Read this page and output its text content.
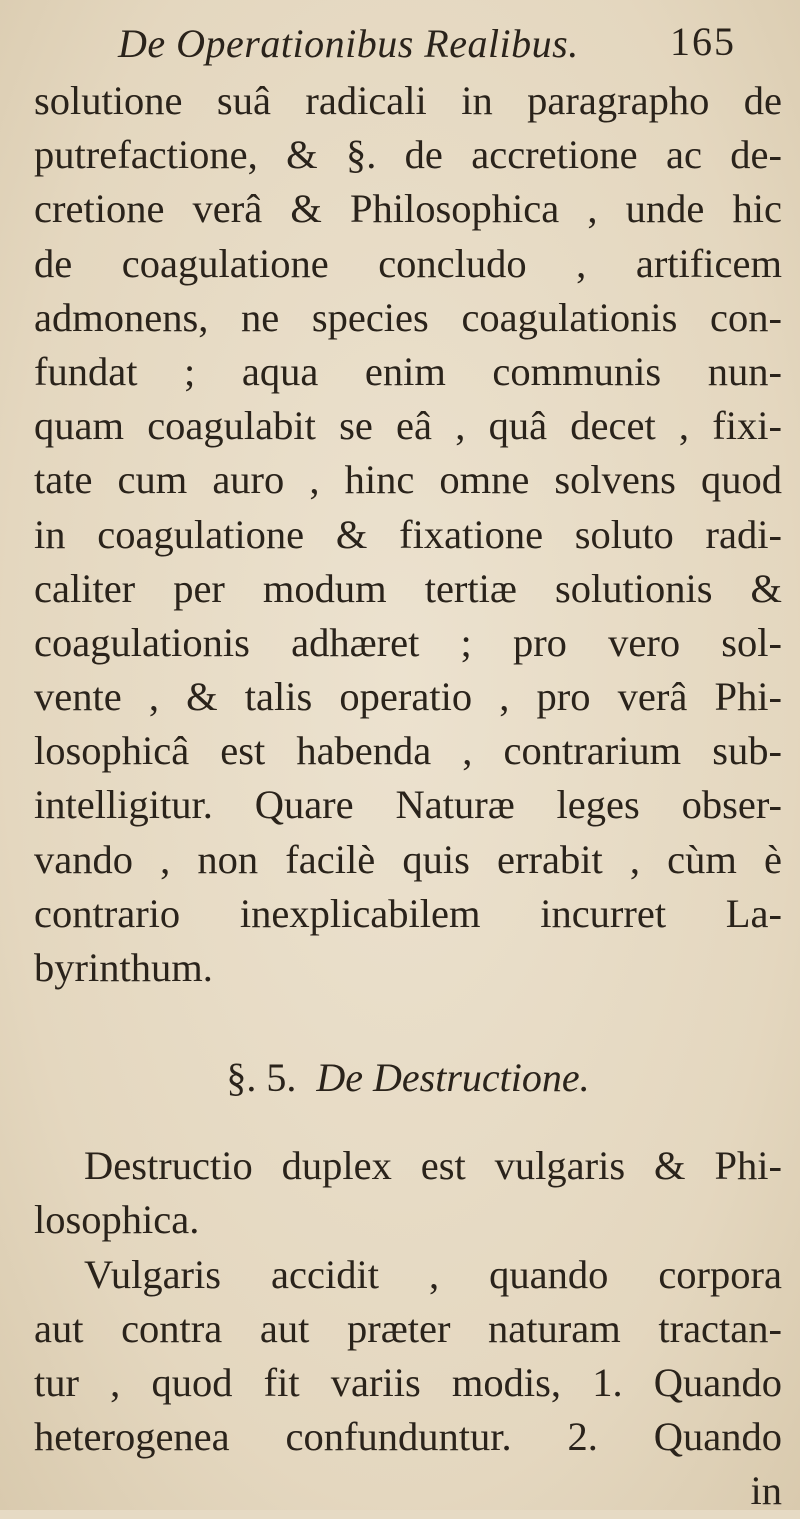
De Operationibus Realibus. 165
solutione suâ radicali in paragrapho de
putrefactione, & §. de accretione ac de-
cretione verâ & Philosophica , unde hic
de coagulatione concludo , artificem
admonens, ne species coagulationis con-
fundat ; aqua enim communis nun-
quam coagulabit se eâ , quâ decet , fixi-
tate cum auro , hinc omne solvens quod
in coagulatione & fixatione soluto radi-
caliter per modum tertiæ solutionis &
coagulationis adhæret ; pro vero sol-
vente , & talis operatio , pro verâ Phi-
losophicâ est habenda , contrarium sub-
intelligitur. Quare Naturæ leges obser-
vando , non facilè quis errabit , cùm è
contrario inexplicabilem incurret La-
byrinthum.
§. 5. De Destructione.
Destructio duplex est vulgaris & Phi-
losophica.
Vulgaris accidit , quando corpora
aut contra aut præter naturam tractan-
tur , quod fit variis modis, 1. Quando
heterogenea confunduntur. 2. Quando
in
